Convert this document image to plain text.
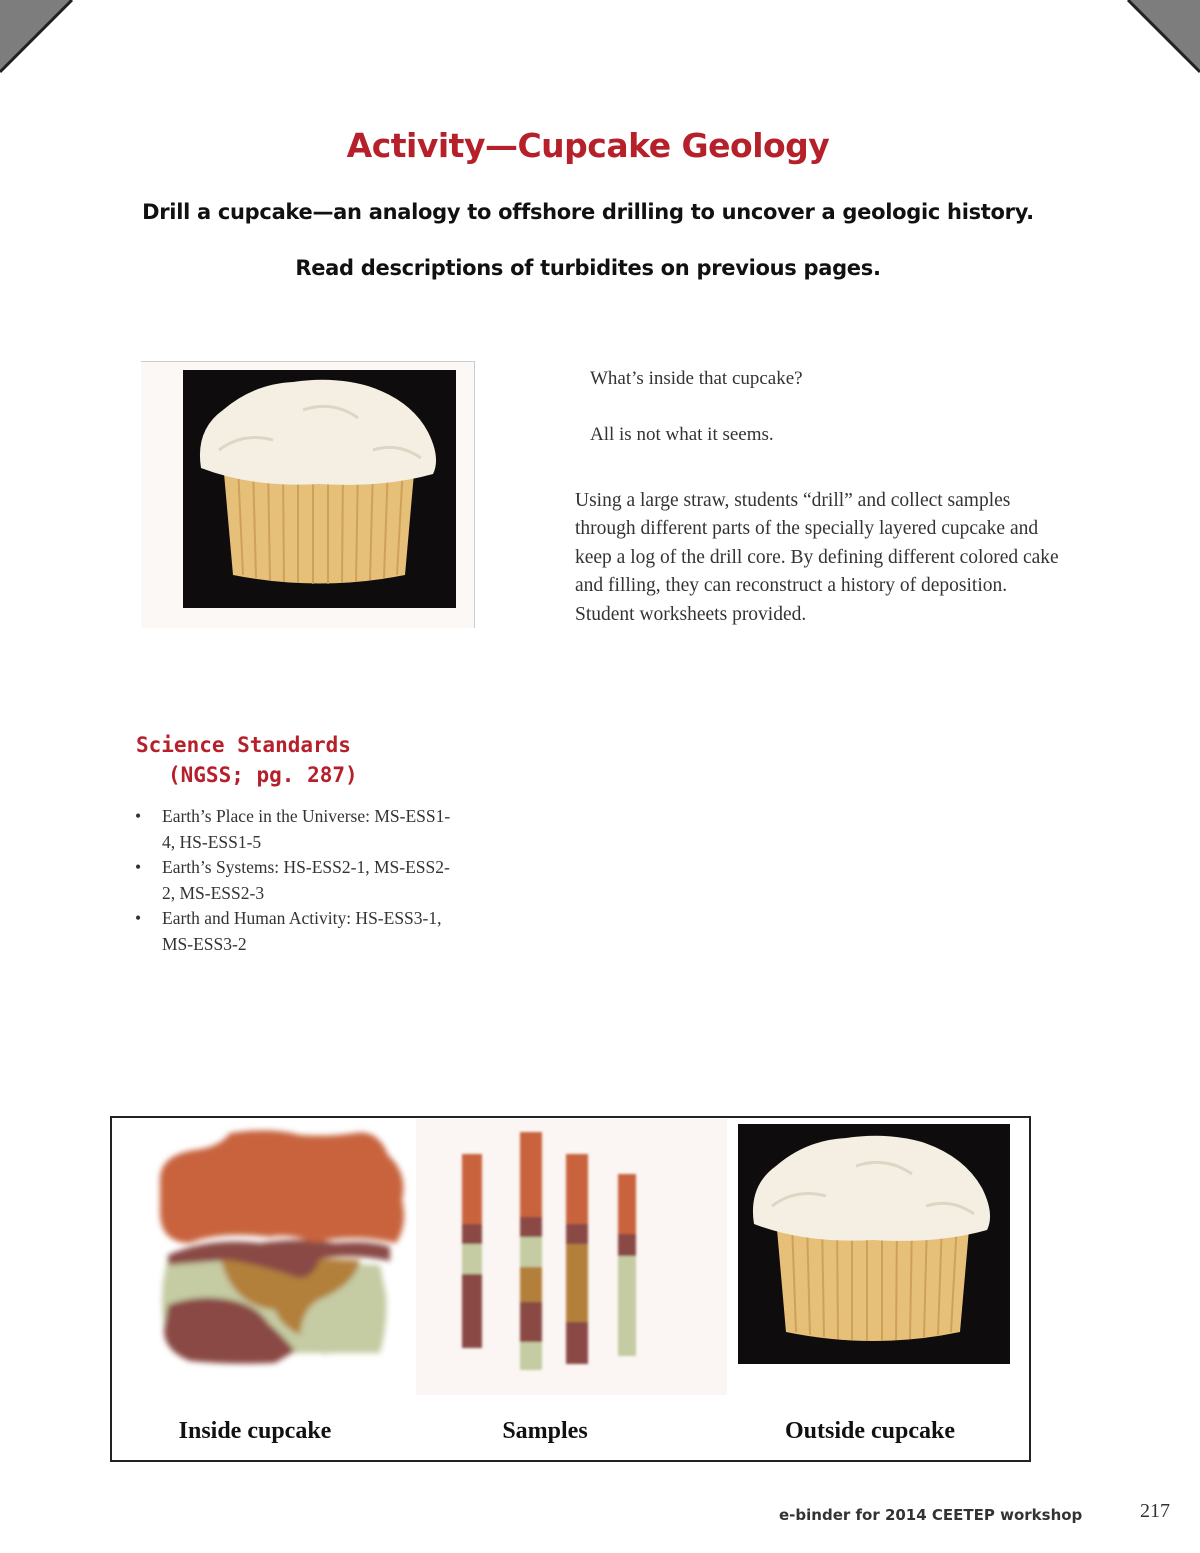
Activity—Cupcake Geology
Drill a cupcake—an analogy to offshore drilling to uncover a geologic history.
Read descriptions of turbidites on previous pages.
What’s inside that cupcake?
All is not what it seems.
Using a large straw, students “drill” and collect samples through different parts of the specially layered cupcake and keep a log of the drill core. By defining different colored cake and filling, they can reconstruct a history of deposition. Student worksheets provided.
Science Standards
(NGSS; pg. 287)
• Earth’s Place in the Universe: MS-ESS1-4, HS-ESS1-5
• Earth’s Systems: HS-ESS2-1, MS-ESS2-2, MS-ESS2-3
• Earth and Human Activity: HS-ESS3-1, MS-ESS3-2
Inside cupcake	Samples	Outside cupcake
e-binder for 2014 CEETEP workshop	217
